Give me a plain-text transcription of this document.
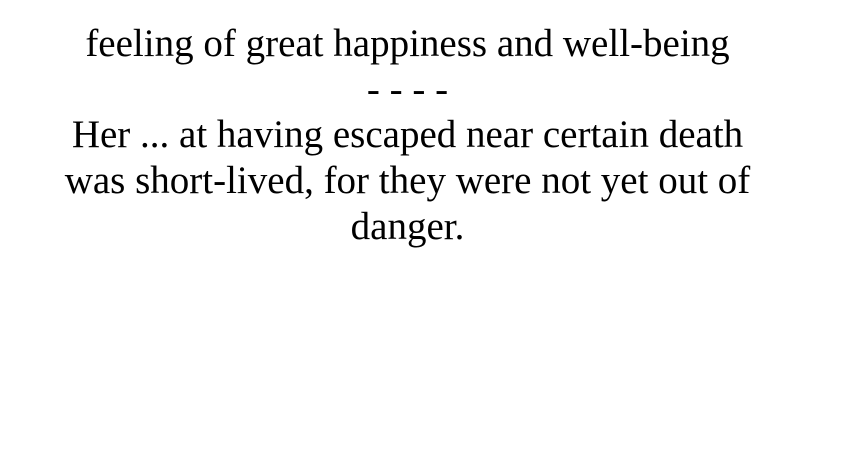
feeling of great happiness and well-being

- - - -

Her ... at having escaped near certain death was short-lived, for they were not yet out of danger.
